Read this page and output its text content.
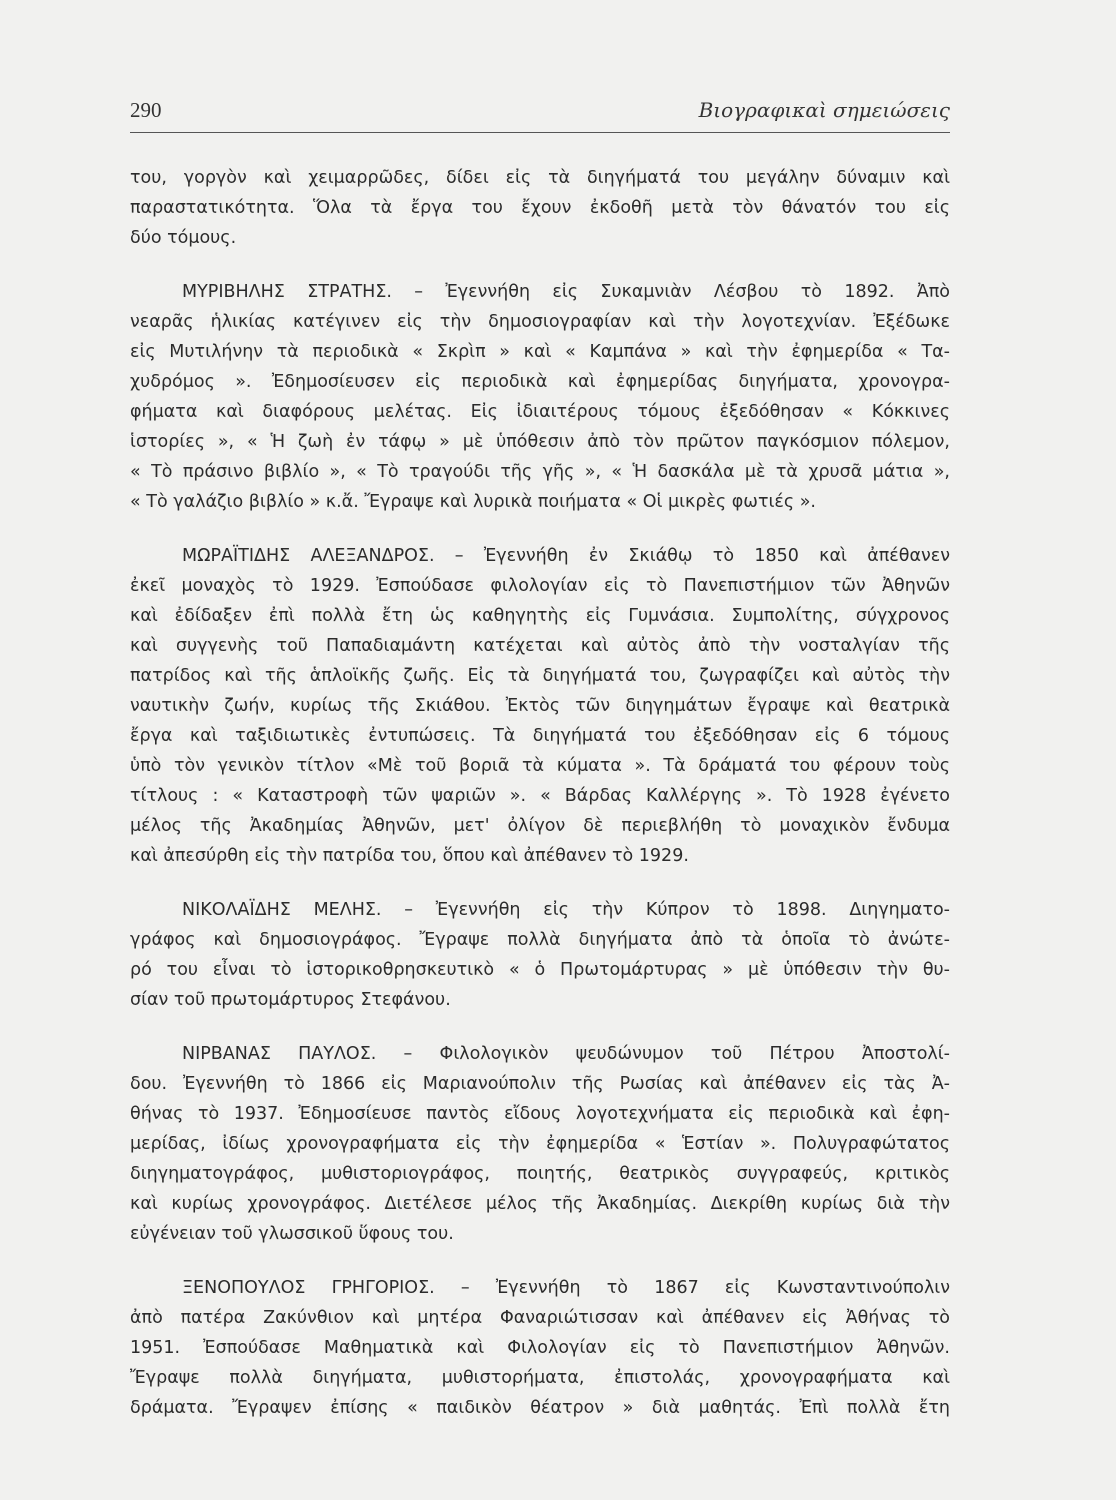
290	Βιογραφικαὶ σημειώσεις
του, γοργὸν καὶ χειμαρρῶδες, δίδει εἰς τὰ διηγήματά του μεγάλην δύναμιν καὶ
παραστατικότητα. Ὅλα τὰ ἔργα του ἔχουν ἐκδοθῆ μετὰ τὸν θάνατόν του εἰς
δύο τόμους.
ΜΥΡΙΒΗΛΗΣ ΣΤΡΑΤΗΣ. – Ἐγεννήθη εἰς Συκαμνιὰν Λέσβου τὸ 1892. Ἀπὸ
νεαρᾶς ἡλικίας κατέγινεν εἰς τὴν δημοσιογραφίαν καὶ τὴν λογοτεχνίαν. Ἐξέδωκε
εἰς Μυτιλήνην τὰ περιοδικὰ « Σκρὶπ » καὶ « Καμπάνα » καὶ τὴν ἐφημερίδα « Τα-
χυδρόμος ». Ἐδημοσίευσεν εἰς περιοδικὰ καὶ ἐφημερίδας διηγήματα, χρονογρα-
φήματα καὶ διαφόρους μελέτας. Εἰς ἰδιαιτέρους τόμους ἐξεδόθησαν « Κόκκινες
ἱστορίες », « Ἡ ζωὴ ἐν τάφῳ » μὲ ὑπόθεσιν ἀπὸ τὸν πρῶτον παγκόσμιον πόλεμον,
« Τὸ πράσινο βιβλίο », « Τὸ τραγούδι τῆς γῆς », « Ἡ δασκάλα μὲ τὰ χρυσᾶ μάτια »,
« Τὸ γαλάζιο βιβλίο » κ.ἄ. Ἔγραψε καὶ λυρικὰ ποιήματα « Οἱ μικρὲς φωτιές ».
ΜΩΡΑΪΤΙΔΗΣ ΑΛΕΞΑΝΔΡΟΣ. – Ἐγεννήθη ἐν Σκιάθῳ τὸ 1850 καὶ ἀπέθανεν
ἐκεῖ μοναχὸς τὸ 1929. Ἐσπούδασε φιλολογίαν εἰς τὸ Πανεπιστήμιον τῶν Ἀθηνῶν
καὶ ἐδίδαξεν ἐπὶ πολλὰ ἔτη ὡς καθηγητὴς εἰς Γυμνάσια. Συμπολίτης, σύγχρονος
καὶ συγγενὴς τοῦ Παπαδιαμάντη κατέχεται καὶ αὐτὸς ἀπὸ τὴν νοσταλγίαν τῆς
πατρίδος καὶ τῆς ἁπλοϊκῆς ζωῆς. Εἰς τὰ διηγήματά του, ζωγραφίζει καὶ αὐτὸς τὴν
ναυτικὴν ζωήν, κυρίως τῆς Σκιάθου. Ἐκτὸς τῶν διηγημάτων ἔγραψε καὶ θεατρικὰ
ἔργα καὶ ταξιδιωτικὲς ἐντυπώσεις. Τὰ διηγήματά του ἐξεδόθησαν εἰς 6 τόμους
ὑπὸ τὸν γενικὸν τίτλον «Μὲ τοῦ βοριᾶ τὰ κύματα ». Τὰ δράματά του φέρουν τοὺς
τίτλους : « Καταστροφὴ τῶν ψαριῶν ». « Βάρδας Καλλέργης ». Τὸ 1928 ἐγένετο
μέλος τῆς Ἀκαδημίας Ἀθηνῶν, μετ' ὀλίγον δὲ περιεβλήθη τὸ μοναχικὸν ἔνδυμα
καὶ ἀπεσύρθη εἰς τὴν πατρίδα του, ὅπου καὶ ἀπέθανεν τὸ 1929.
ΝΙΚΟΛΑΪΔΗΣ ΜΕΛΗΣ. – Ἐγεννήθη εἰς τὴν Κύπρον τὸ 1898. Διηγηματο-
γράφος καὶ δημοσιογράφος. Ἔγραψε πολλὰ διηγήματα ἀπὸ τὰ ὁποῖα τὸ ἀνώτε-
ρό του εἶναι τὸ ἱστορικοθρησκευτικὸ « ὁ Πρωτομάρτυρας » μὲ ὑπόθεσιν τὴν θυ-
σίαν τοῦ πρωτομάρτυρος Στεφάνου.
ΝΙΡΒΑΝΑΣ ΠΑΥΛΟΣ. – Φιλολογικὸν ψευδώνυμον τοῦ Πέτρου Ἀποστολί-
δου. Ἐγεννήθη τὸ 1866 εἰς Μαριανούπολιν τῆς Ρωσίας καὶ ἀπέθανεν εἰς τὰς Ἀ-
θήνας τὸ 1937. Ἐδημοσίευσε παντὸς εἴδους λογοτεχνήματα εἰς περιοδικὰ καὶ ἐφη-
μερίδας, ἰδίως χρονογραφήματα εἰς τὴν ἐφημερίδα « Ἑστίαν ». Πολυγραφώτατος
διηγηματογράφος, μυθιστοριογράφος, ποιητής, θεατρικὸς συγγραφεύς, κριτικὸς
καὶ κυρίως χρονογράφος. Διετέλεσε μέλος τῆς Ἀκαδημίας. Διεκρίθη κυρίως διὰ τὴν
εὐγένειαν τοῦ γλωσσικοῦ ὕφους του.
ΞΕΝΟΠΟΥΛΟΣ ΓΡΗΓΟΡΙΟΣ. – Ἐγεννήθη τὸ 1867 εἰς Κωνσταντινούπολιν
ἀπὸ πατέρα Ζακύνθιον καὶ μητέρα Φαναριώτισσαν καὶ ἀπέθανεν εἰς Ἀθήνας τὸ
1951. Ἐσπούδασε Μαθηματικὰ καὶ Φιλολογίαν εἰς τὸ Πανεπιστήμιον Ἀθηνῶν.
Ἔγραψε πολλὰ διηγήματα, μυθιστορήματα, ἐπιστολάς, χρονογραφήματα καὶ
δράματα. Ἔγραψεν ἐπίσης « παιδικὸν θέατρον » διὰ μαθητάς. Ἐπὶ πολλὰ ἔτη
